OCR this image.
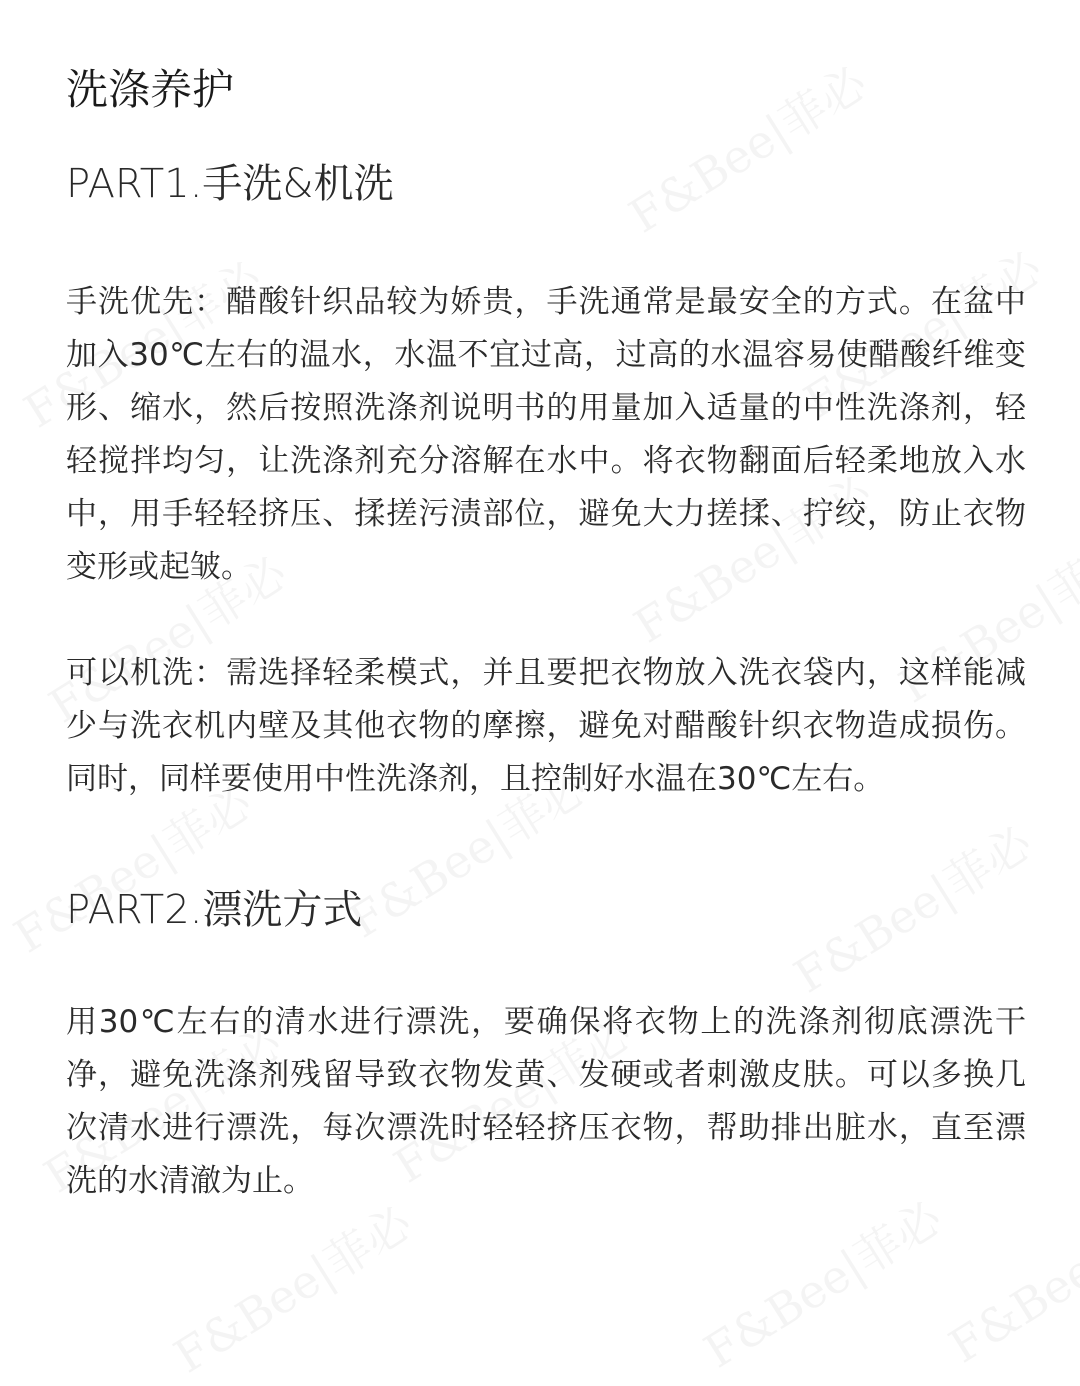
洗涤养护
PART1.手洗&机洗

手洗优先：醋酸针织品较为娇贵，手洗通常是最安全的方式。在盆中加入30℃左右的温水，水温不宜过高，过高的水温容易使醋酸纤维变形、缩水，然后按照洗涤剂说明书的用量加入适量的中性洗涤剂，轻轻搅拌均匀，让洗涤剂充分溶解在水中。将衣物翻面后轻柔地放入水中，用手轻轻挤压、揉搓污渍部位，避免大力搓揉、拧绞，防止衣物变形或起皱。

可以机洗：需选择轻柔模式，并且要把衣物放入洗衣袋内，这样能减少与洗衣机内壁及其他衣物的摩擦，避免对醋酸针织衣物造成损伤。同时，同样要使用中性洗涤剂，且控制好水温在30℃左右。

PART2.漂洗方式

用30℃左右的清水进行漂洗，要确保将衣物上的洗涤剂彻底漂洗干净，避免洗涤剂残留导致衣物发黄、发硬或者刺激皮肤。可以多换几次清水进行漂洗，每次漂洗时轻轻挤压衣物，帮助排出脏水，直至漂洗的水清澈为止。
